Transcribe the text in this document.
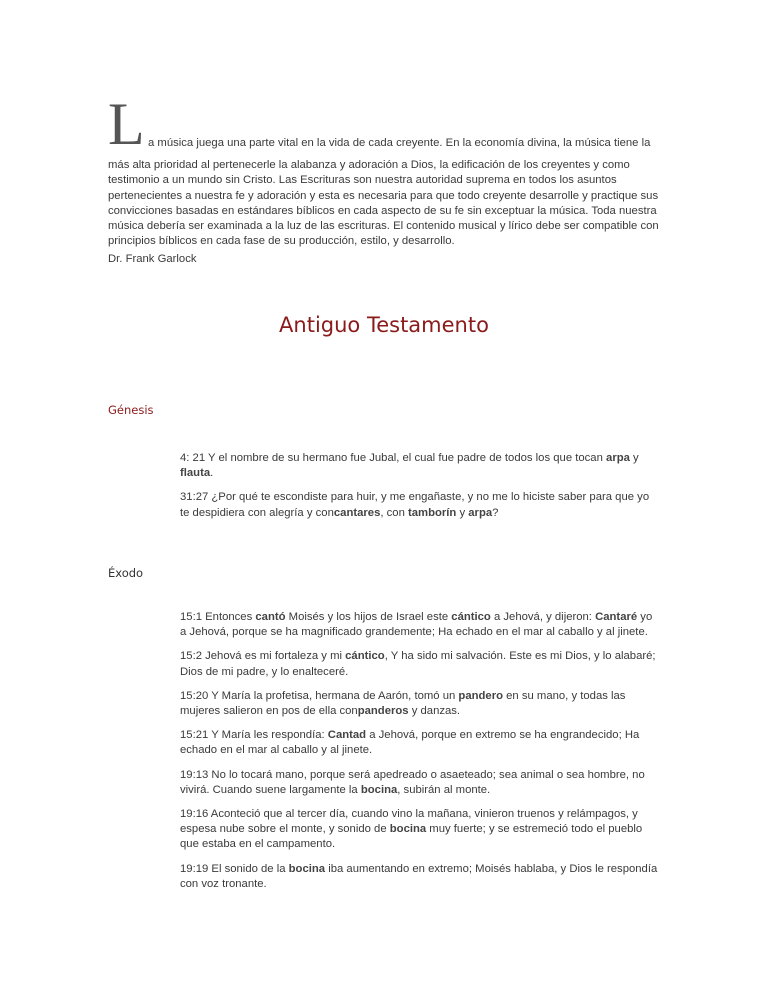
L a música juega una parte vital en la vida de cada creyente. En la economía divina, la música tiene la

más alta prioridad al pertenecerle la alabanza y adoración a Dios, la edificación de los creyentes y como testimonio a un mundo sin Cristo. Las Escrituras son nuestra autoridad suprema en todos los asuntos pertenecientes a nuestra fe y adoración y esta es necesaria para que todo creyente desarrolle y practique sus convicciones basadas en estándares bíblicos en cada aspecto de su fe sin exceptuar la música. Toda nuestra música debería ser examinada a la luz de las escrituras. El contenido musical y lírico debe ser compatible con principios bíblicos en cada fase de su producción, estilo, y desarrollo.

Dr. Frank Garlock
Antiguo Testamento
Génesis

4: 21 Y el nombre de su hermano fue Jubal, el cual fue padre de todos los que tocan arpa y flauta.

31:27 ¿Por qué te escondiste para huir, y me engañaste, y no me lo hiciste saber para que yo te despidiera con alegría y concantares, con tamborín y arpa?

Éxodo

15:1 Entonces cantó Moisés y los hijos de Israel este cántico a Jehová, y dijeron: Cantaré yo a Jehová, porque se ha magnificado grandemente; Ha echado en el mar al caballo y al jinete.

15:2 Jehová es mi fortaleza y mi cántico, Y ha sido mi salvación. Este es mi Dios, y lo alabaré; Dios de mi padre, y lo enalteceré.

15:20 Y María la profetisa, hermana de Aarón, tomó un pandero en su mano, y todas las mujeres salieron en pos de ella conpanderos y danzas.

15:21 Y María les respondía: Cantad a Jehová, porque en extremo se ha engrandecido; Ha echado en el mar al caballo y al jinete.

19:13 No lo tocará mano, porque será apedreado o asaeteado; sea animal o sea hombre, no vivirá. Cuando suene largamente la bocina, subirán al monte.

19:16 Aconteció que al tercer día, cuando vino la mañana, vinieron truenos y relámpagos, y espesa nube sobre el monte, y sonido de bocina muy fuerte; y se estremeció todo el pueblo que estaba en el campamento.

19:19 El sonido de la bocina iba aumentando en extremo; Moisés hablaba, y Dios le respondía con voz tronante.
